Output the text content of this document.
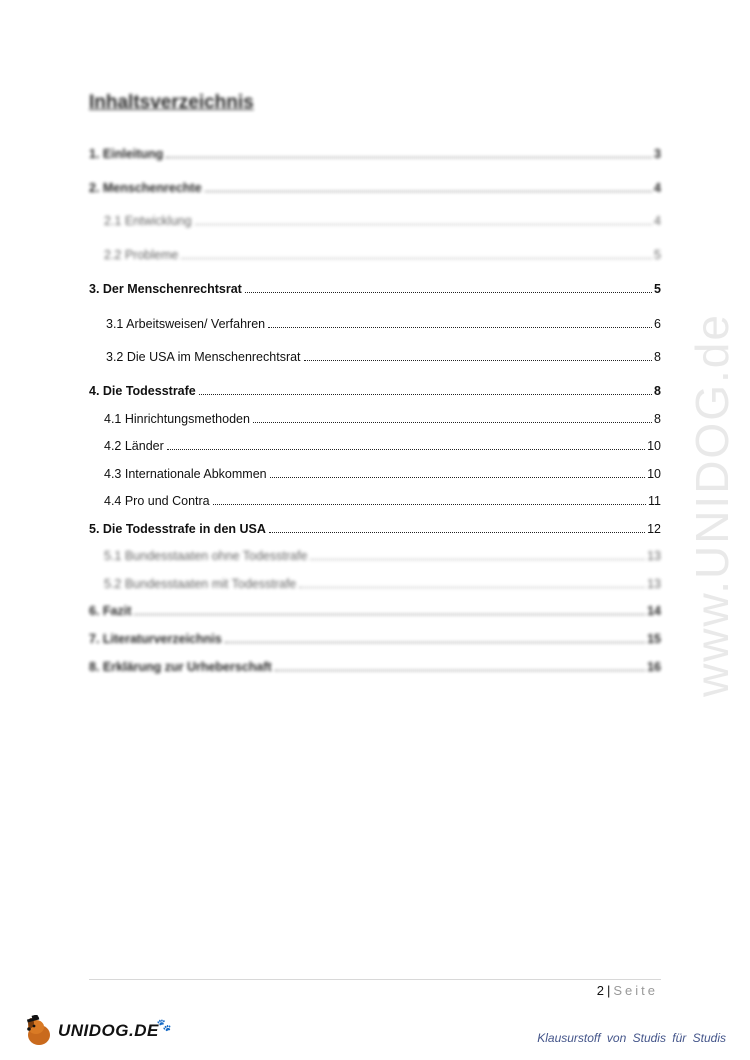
Inhaltsverzeichnis
1. Einleitung	3
2. Menschenrechte	4
2.1 Entwicklung	4
2.2 Probleme	5
3. Der Menschenrechtsrat	5
3.1 Arbeitsweisen/ Verfahren	6
3.2 Die USA im Menschenrechtsrat	8
4. Die Todesstrafe	8
4.1 Hinrichtungsmethoden	8
4.2 Länder	10
4.3 Internationale Abkommen	10
4.4 Pro und Contra	11
5. Die Todesstrafe in den USA	12
5.1 Bundesstaaten ohne Todesstrafe	13
5.2 Bundesstaaten mit Todesstrafe	13
6. Fazit	14
7. Literaturverzeichnis	15
8. Erklärung zur Urheberschaft	16 www.UNIDOG.de
2 | Seite
UNIDOG.DE
🐾
Klausurstoff von Studis für Studis
